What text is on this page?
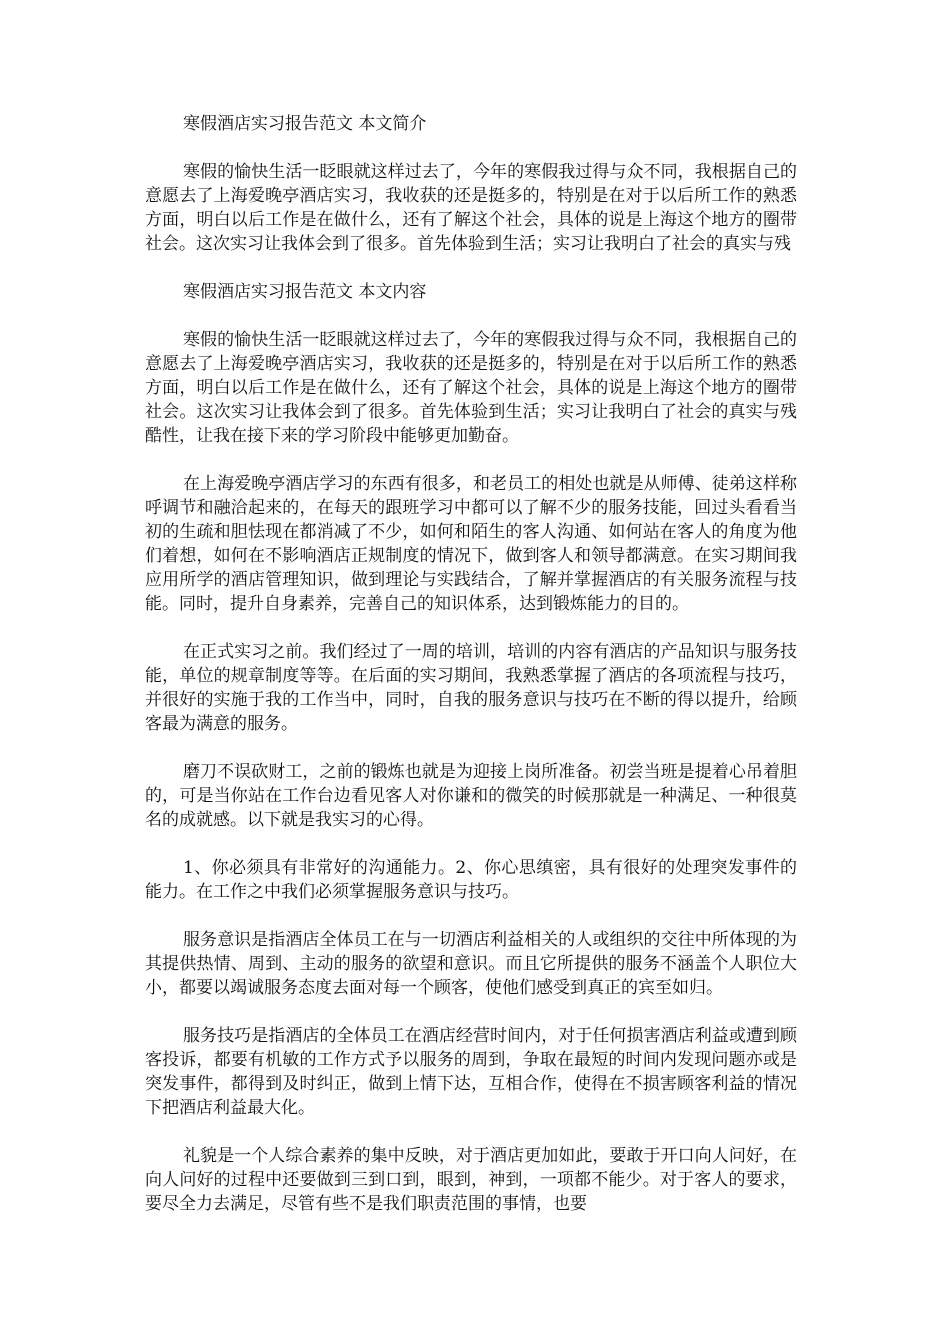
寒假酒店实习报告范文 本文简介

寒假的愉快生活一眨眼就这样过去了，今年的寒假我过得与众不同，我根据自己的意愿去了上海爱晚亭酒店实习，我收获的还是挺多的，特别是在对于以后所工作的熟悉方面，明白以后工作是在做什么，还有了解这个社会，具体的说是上海这个地方的圈带社会。这次实习让我体会到了很多。首先体验到生活；实习让我明白了社会的真实与残

寒假酒店实习报告范文 本文内容

寒假的愉快生活一眨眼就这样过去了，今年的寒假我过得与众不同，我根据自己的意愿去了上海爱晚亭酒店实习，我收获的还是挺多的，特别是在对于以后所工作的熟悉方面，明白以后工作是在做什么，还有了解这个社会，具体的说是上海这个地方的圈带社会。这次实习让我体会到了很多。首先体验到生活；实习让我明白了社会的真实与残酷性，让我在接下来的学习阶段中能够更加勤奋。

在上海爱晚亭酒店学习的东西有很多，和老员工的相处也就是从师傅、徒弟这样称呼调节和融洽起来的，在每天的跟班学习中都可以了解不少的服务技能，回过头看看当初的生疏和胆怯现在都消减了不少，如何和陌生的客人沟通、如何站在客人的角度为他们着想，如何在不影响酒店正规制度的情况下，做到客人和领导都满意。在实习期间我应用所学的酒店管理知识，做到理论与实践结合，了解并掌握酒店的有关服务流程与技能。同时，提升自身素养，完善自己的知识体系，达到锻炼能力的目的。

在正式实习之前。我们经过了一周的培训，培训的内容有酒店的产品知识与服务技能，单位的规章制度等等。在后面的实习期间，我熟悉掌握了酒店的各项流程与技巧，并很好的实施于我的工作当中，同时，自我的服务意识与技巧在不断的得以提升，给顾客最为满意的服务。

磨刀不误砍财工，之前的锻炼也就是为迎接上岗所准备。初尝当班是提着心吊着胆的，可是当你站在工作台边看见客人对你谦和的微笑的时候那就是一种满足、一种很莫名的成就感。以下就是我实习的心得。

1、你必须具有非常好的沟通能力。2、你心思缜密，具有很好的处理突发事件的能力。在工作之中我们必须掌握服务意识与技巧。

服务意识是指酒店全体员工在与一切酒店利益相关的人或组织的交往中所体现的为其提供热情、周到、主动的服务的欲望和意识。而且它所提供的服务不涵盖个人职位大小，都要以竭诚服务态度去面对每一个顾客，使他们感受到真正的宾至如归。

服务技巧是指酒店的全体员工在酒店经营时间内，对于任何损害酒店利益或遭到顾客投诉，都要有机敏的工作方式予以服务的周到，争取在最短的时间内发现问题亦或是突发事件，都得到及时纠正，做到上情下达，互相合作，使得在不损害顾客利益的情况下把酒店利益最大化。

礼貌是一个人综合素养的集中反映，对于酒店更加如此，要敢于开口向人问好，在向人问好的过程中还要做到三到口到，眼到，神到，一项都不能少。对于客人的要求，要尽全力去满足，尽管有些不是我们职责范围的事情，也要
